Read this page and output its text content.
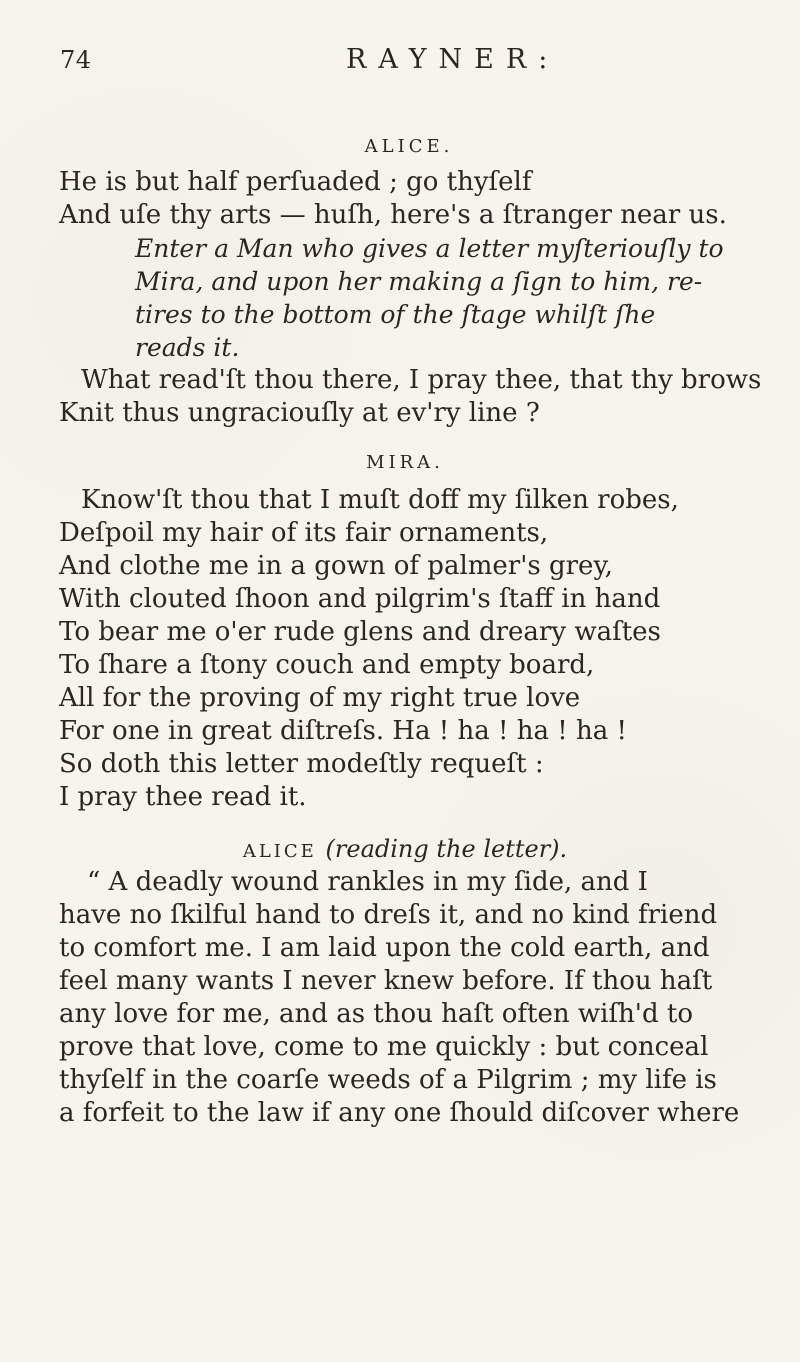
74	RAYNER:
ALICE.

He is but half perſuaded ; go thyſelf

And uſe thy arts — huſh, here's a ſtranger near us.

Enter a Man who gives a letter myſteriouſly to

Mira, and upon her making a ſign to him, re-

tires to the bottom of the ſtage whilſt ſhe

reads it.

What read'ſt thou there, I pray thee, that thy brows

Knit thus ungraciouſly at ev'ry line ?

MIRA.

Know'ſt thou that I muſt doff my ſilken robes,

Deſpoil my hair of its fair ornaments,

And clothe me in a gown of palmer's grey,

With clouted ſhoon and pilgrim's ſtaff in hand

To bear me o'er rude glens and dreary waſtes

To ſhare a ſtony couch and empty board,

All for the proving of my right true love

For one in great diſtreſs. Ha ! ha ! ha ! ha !

So doth this letter modeſtly requeſt :

I pray thee read it.

ALICE (reading the letter).

“ A deadly wound rankles in my ſide, and I

have no ſkilful hand to dreſs it, and no kind friend

to comfort me. I am laid upon the cold earth, and

feel many wants I never knew before. If thou haſt

any love for me, and as thou haſt often wiſh'd to

prove that love, come to me quickly : but conceal

thyſelf in the coarſe weeds of a Pilgrim ; my life is

a forfeit to the law if any one ſhould diſcover where
